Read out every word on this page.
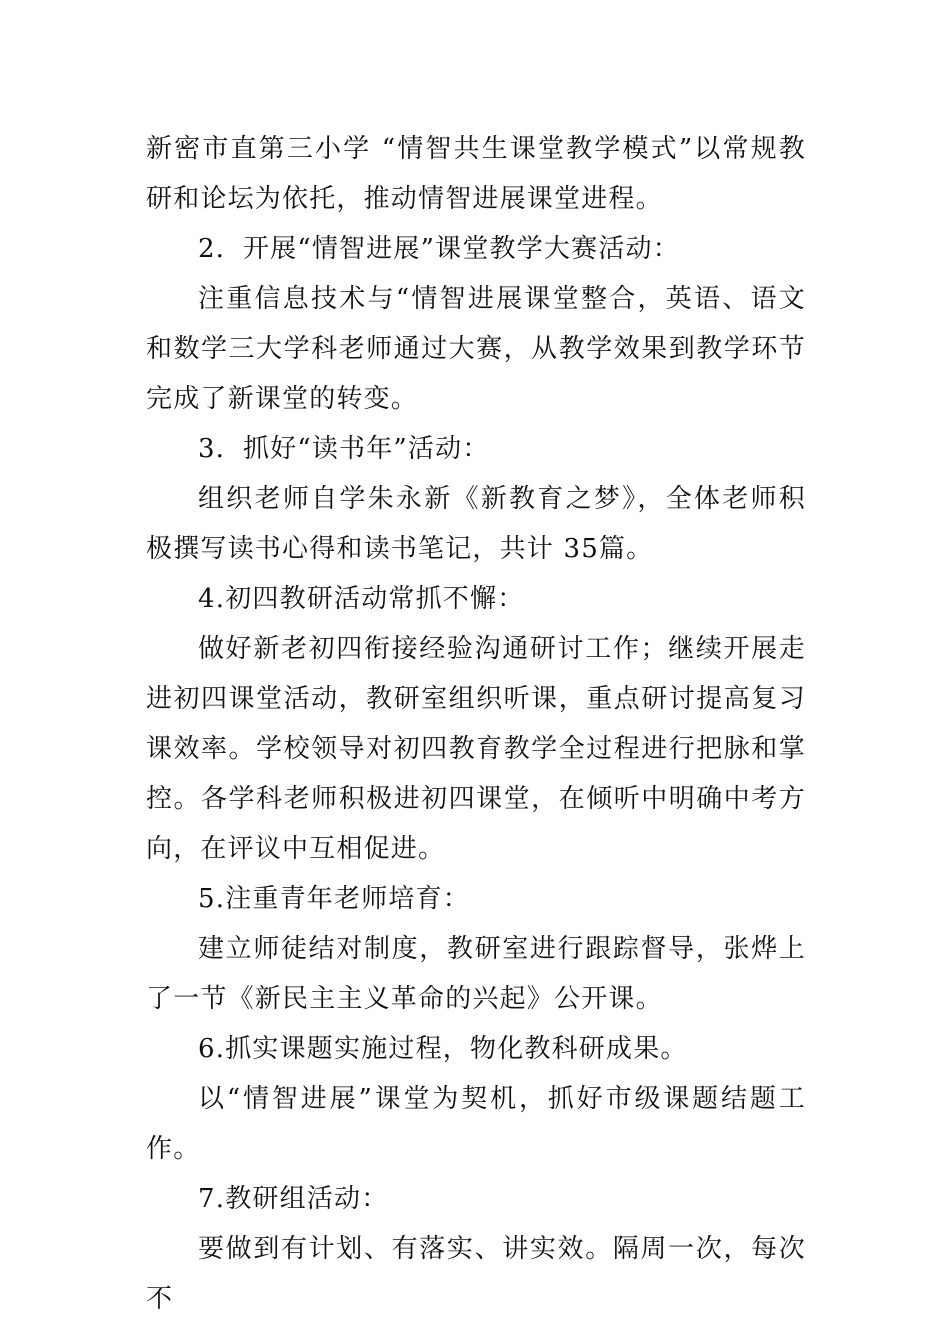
新密市直第三小学 “情智共生课堂教学模式”以常规教研和论坛为依托，推动情智进展课堂进程。

2．开展“情智进展”课堂教学大赛活动：

注重信息技术与“情智进展课堂整合，英语、语文和数学三大学科老师通过大赛，从教学效果到教学环节完成了新课堂的转变。

3．抓好“读书年”活动：

组织老师自学朱永新《新教育之梦》，全体老师积极撰写读书心得和读书笔记，共计 35篇。

4.初四教研活动常抓不懈：

做好新老初四衔接经验沟通研讨工作；继续开展走进初四课堂活动，教研室组织听课，重点研讨提高复习课效率。学校领导对初四教育教学全过程进行把脉和掌控。各学科老师积极进初四课堂，在倾听中明确中考方向，在评议中互相促进。

5.注重青年老师培育：

建立师徒结对制度，教研室进行跟踪督导，张烨上了一节《新民主主义革命的兴起》公开课。

6.抓实课题实施过程，物化教科研成果。

以“情智进展”课堂为契机，抓好市级课题结题工作。

7.教研组活动：

要做到有计划、有落实、讲实效。隔周一次，每次不
